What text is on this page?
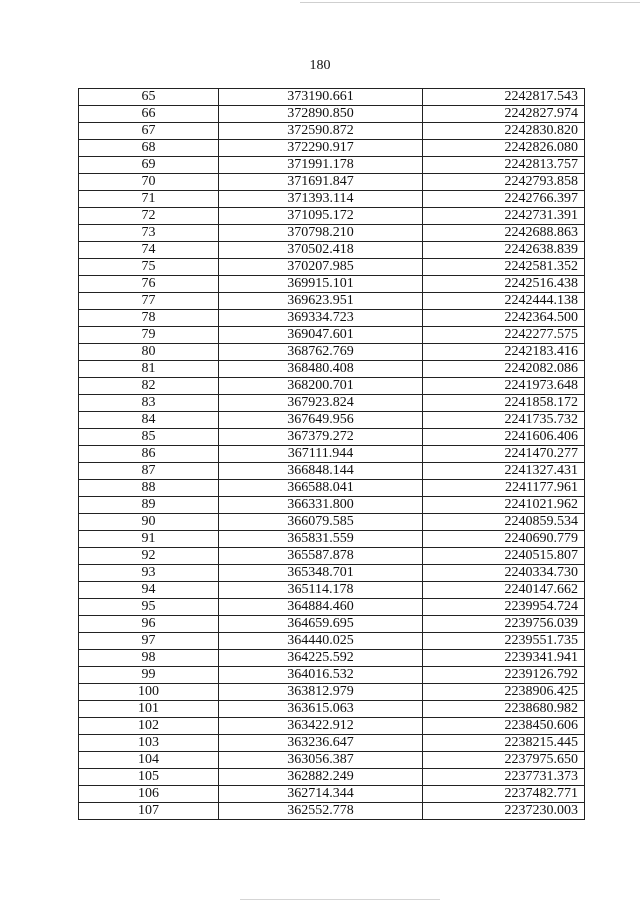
180
65	373190.661	2242817.543
66	372890.850	2242827.974
67	372590.872	2242830.820
68	372290.917	2242826.080
69	371991.178	2242813.757
70	371691.847	2242793.858
71	371393.114	2242766.397
72	371095.172	2242731.391
73	370798.210	2242688.863
74	370502.418	2242638.839
75	370207.985	2242581.352
76	369915.101	2242516.438
77	369623.951	2242444.138
78	369334.723	2242364.500
79	369047.601	2242277.575
80	368762.769	2242183.416
81	368480.408	2242082.086
82	368200.701	2241973.648
83	367923.824	2241858.172
84	367649.956	2241735.732
85	367379.272	2241606.406
86	367111.944	2241470.277
87	366848.144	2241327.431
88	366588.041	2241177.961
89	366331.800	2241021.962
90	366079.585	2240859.534
91	365831.559	2240690.779
92	365587.878	2240515.807
93	365348.701	2240334.730
94	365114.178	2240147.662
95	364884.460	2239954.724
96	364659.695	2239756.039
97	364440.025	2239551.735
98	364225.592	2239341.941
99	364016.532	2239126.792
100	363812.979	2238906.425
101	363615.063	2238680.982
102	363422.912	2238450.606
103	363236.647	2238215.445
104	363056.387	2237975.650
105	362882.249	2237731.373
106	362714.344	2237482.771
107	362552.778	2237230.003
